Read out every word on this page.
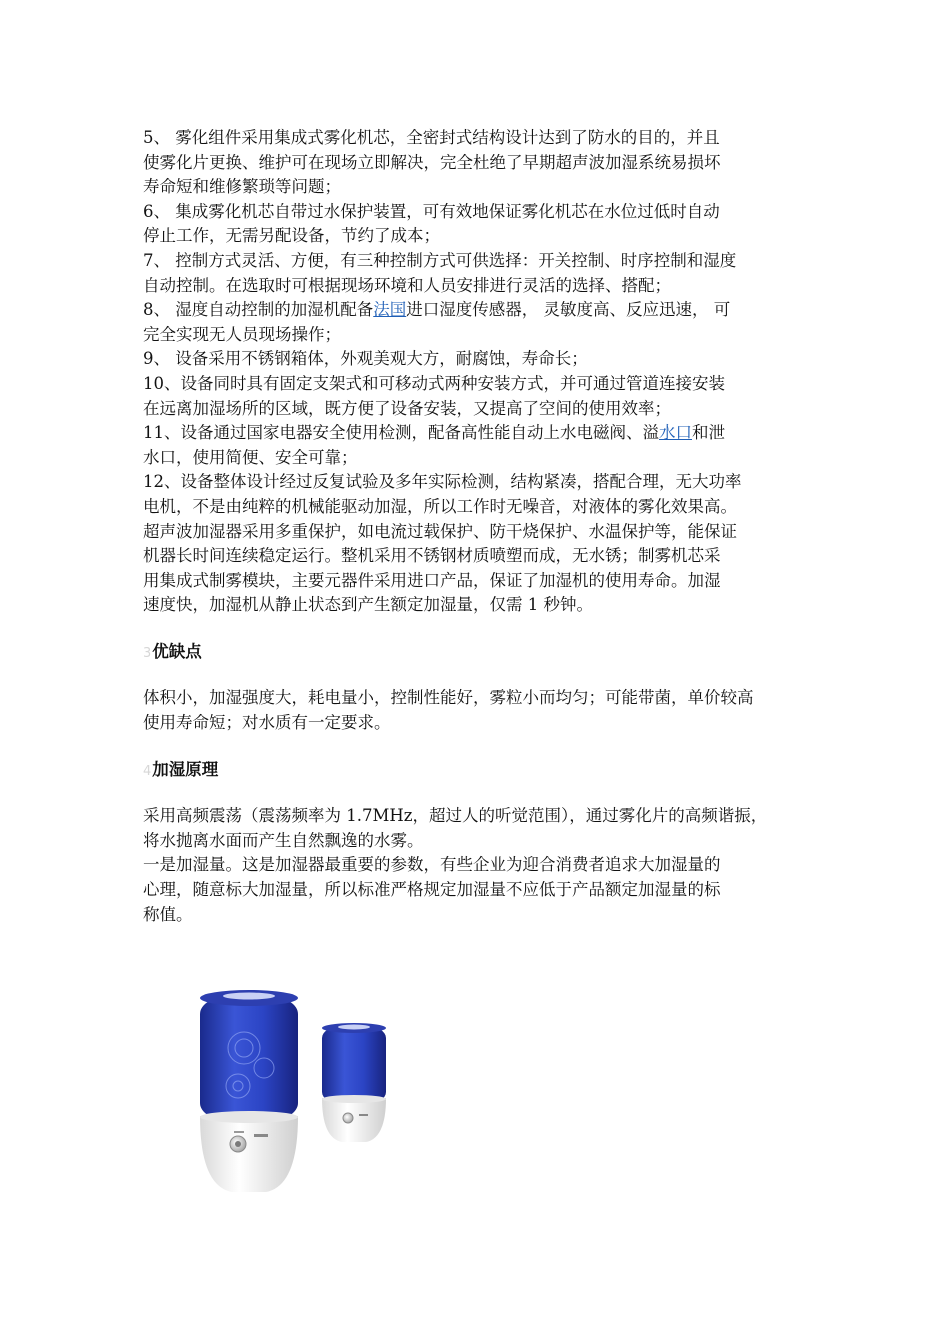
5、 雾化组件采用集成式雾化机芯，全密封式结构设计达到了防水的目的，并且
使雾化片更换、维护可在现场立即解决，完全杜绝了早期超声波加湿系统易损坏
寿命短和维修繁琐等问题；
6、 集成雾化机芯自带过水保护装置，可有效地保证雾化机芯在水位过低时自动
停止工作，无需另配设备，节约了成本；
7、 控制方式灵活、方便，有三种控制方式可供选择：开关控制、时序控制和湿度
自动控制。在选取时可根据现场环境和人员安排进行灵活的选择、搭配；
8、 湿度自动控制的加湿机配备法国进口湿度传感器， 灵敏度高、反应迅速， 可
完全实现无人员现场操作；
9、 设备采用不锈钢箱体，外观美观大方，耐腐蚀，寿命长；
10、设备同时具有固定支架式和可移动式两种安装方式，并可通过管道连接安装
在远离加湿场所的区域，既方便了设备安装，又提高了空间的使用效率；
11、设备通过国家电器安全使用检测，配备高性能自动上水电磁阀、溢水口和泄
水口，使用简便、安全可靠；
12、设备整体设计经过反复试验及多年实际检测，结构紧凑，搭配合理，无大功率
电机，不是由纯粹的机械能驱动加湿，所以工作时无噪音，对液体的雾化效果高。
超声波加湿器采用多重保护，如电流过载保护、防干烧保护、水温保护等，能保证
机器长时间连续稳定运行。整机采用不锈钢材质喷塑而成，无水锈；制雾机芯采
用集成式制雾模块，主要元器件采用进口产品，保证了加湿机的使用寿命。加湿
速度快，加湿机从静止状态到产生额定加湿量，仅需 1 秒钟。
3优缺点
体积小，加湿强度大，耗电量小，控制性能好，雾粒小而均匀；可能带菌，单价较高
使用寿命短；对水质有一定要求。
4加湿原理
采用高频震荡（震荡频率为 1.7MHz，超过人的听觉范围），通过雾化片的高频谐振，
将水抛离水面而产生自然飘逸的水雾。
一是加湿量。这是加湿器最重要的参数，有些企业为迎合消费者追求大加湿量的
心理，随意标大加湿量，所以标准严格规定加湿量不应低于产品额定加湿量的标
称值。
